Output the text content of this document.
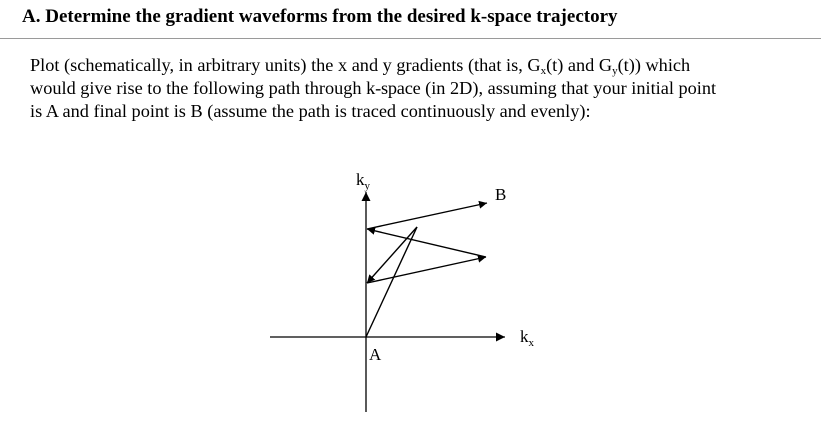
A. Determine the gradient waveforms from the desired k-space trajectory
Plot (schematically, in arbitrary units) the x and y gradients (that is, $G_x(t)$ and $G_y(t)$) which
would give rise to the following path through k-space (in 2D), assuming that your initial point
is A and final point is B (assume the path is traced continuously and evenly):
$k_y$
$k_x$
A
B
